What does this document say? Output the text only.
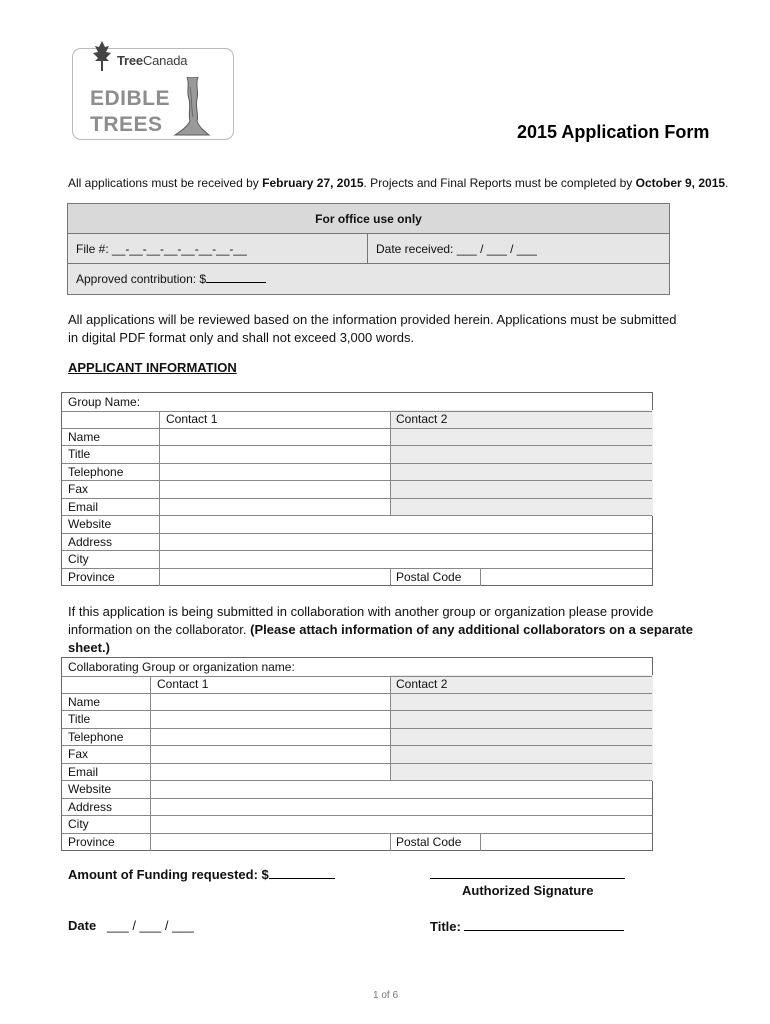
TreeCanada
EDIBLE
TREES	2015 Application Form
All applications must be received by February 27, 2015. Projects and Final Reports must be completed by October 9, 2015.
For office use only
File #: __-__-__-__-__-__-__-__	Date received: ___ / ___ / ___
Approved contribution: $
All applications will be reviewed based on the information provided herein. Applications must be submitted in digital PDF format only and shall not exceed 3,000 words.
APPLICANT INFORMATION
Group Name:
Contact 1	Contact 2
Name
Title
Telephone
Fax
Email
Website
Address
City
Province	Postal Code
If this application is being submitted in collaboration with another group or organization please provide information on the collaborator. (Please attach information of any additional collaborators on a separate sheet.)
Collaborating Group or organization name:
Contact 1	Contact 2
Name
Title
Telephone
Fax
Email
Website
Address
City
Province	Postal Code
Amount of Funding requested: $
Authorized Signature
Date ___ / ___ / ___	Title:
1 of 6
